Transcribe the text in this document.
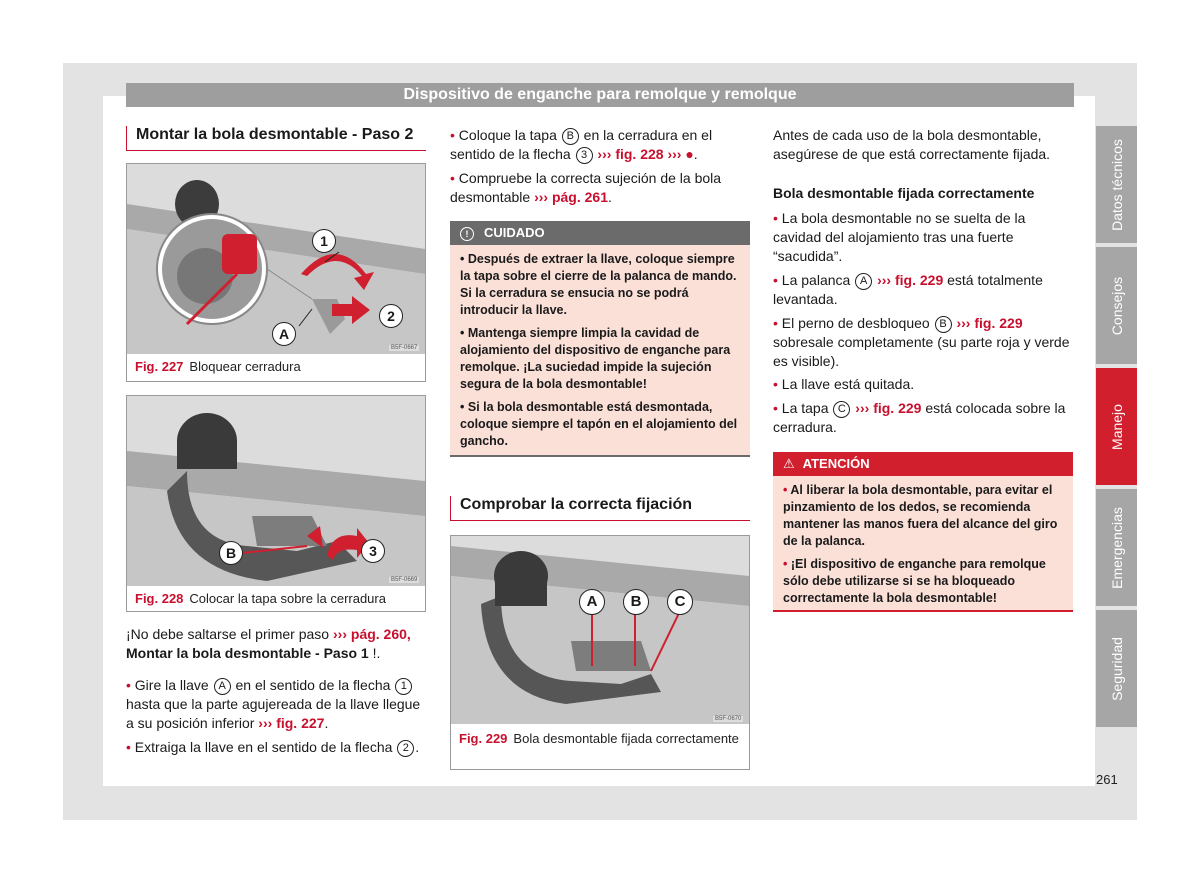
Dispositivo de enganche para remolque y remolque
Datos técnicos
Consejos
Manejo
Emergencias
Seguridad
261
Montar la bola desmontable - Paso 2
1
2
A
B5F-0667
Fig. 227 Bloquear cerradura
B	3
B5F-0669
Fig. 228 Colocar la tapa sobre la cerradura
¡No debe saltarse el primer paso ››› pág. 260, Montar la bola desmontable - Paso 1 !.
• Gire la llave A en el sentido de la flecha 1 hasta que la parte agujereada de la llave llegue a su posición inferior ››› fig. 227.
• Extraiga la llave en el sentido de la flecha 2 .
• Coloque la tapa B en la cerradura en el sentido de la flecha 3 ››› fig. 228 ››› ●.
• Compruebe la correcta sujeción de la bola desmontable ››› pág. 261.
! CUIDADO

• Después de extraer la llave, coloque siempre la tapa sobre el cierre de la palanca de mando. Si la cerradura se ensucia no se podrá introducir la llave.

• Mantenga siempre limpia la cavidad de alojamiento del dispositivo de enganche para remolque. ¡La suciedad impide la sujeción segura de la bola desmontable!

• Si la bola desmontable está desmontada, coloque siempre el tapón en el alojamiento del gancho.

Comprobar la correcta fijación
A	B	C
B5F-0670
Fig. 229 Bola desmontable fijada correctamente
Antes de cada uso de la bola desmontable, asegúrese de que está correctamente fijada.
Bola desmontable fijada correctamente
• La bola desmontable no se suelta de la cavidad del alojamiento tras una fuerte “sacudida”.
• La palanca A ››› fig. 229 está totalmente levantada.
• El perno de desbloqueo B ››› fig. 229 sobresale completamente (su parte roja y verde es visible).
• La llave está quitada.
• La tapa C ››› fig. 229 está colocada sobre la cerradura.
⚠ ATENCIÓN

• Al liberar la bola desmontable, para evitar el pinzamiento de los dedos, se recomienda mantener las manos fuera del alcance del giro de la palanca.

• ¡El dispositivo de enganche para remolque sólo debe utilizarse si se ha bloqueado correctamente la bola desmontable!
